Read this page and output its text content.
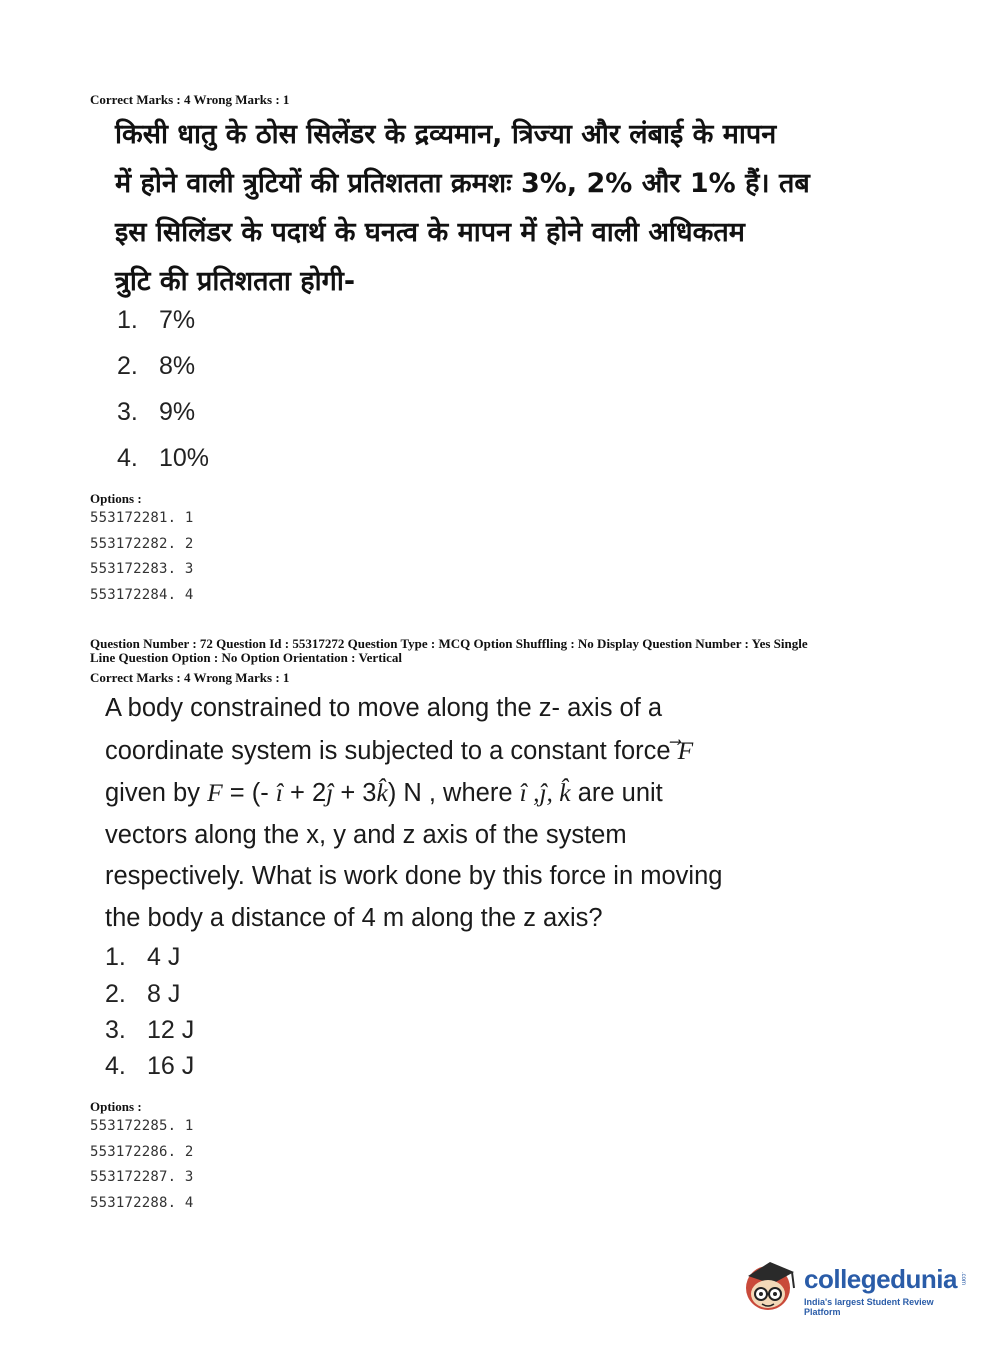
Correct Marks : 4 Wrong Marks : 1
किसी धातु के ठोस सिलेंडर के द्रव्यमान, त्रिज्या और लंबाई के मापन
में होने वाली त्रुटियों की प्रतिशतता क्रमशः 3%, 2% और 1% हैं। तब
इस सिलिंडर के पदार्थ के घनत्व के मापन में होने वाली अधिकतम
त्रुटि की प्रतिशतता होगी-
1. 7%
2. 8%
3. 9%
4. 10%
Options :
553172281. 1
553172282. 2
553172283. 3
553172284. 4
Question Number : 72 Question Id : 55317272 Question Type : MCQ Option Shuffling : No Display Question Number : Yes Single
Line Question Option : No Option Orientation : Vertical
Correct Marks : 4 Wrong Marks : 1

A body constrained to move along the z- axis of a

coordinate system is subjected to a constant force F

given by F = (- î + 2ĵ + 3k̂) N , where î ,ĵ, k̂ are unit

vectors along the x, y and z axis of the system

respectively. What is work done by this force in moving

the body a distance of 4 m along the z axis?

1. 4 J
2. 8 J
3. 12 J
4. 16 J
Options :
553172285. 1
553172286. 2
553172287. 3
553172288. 4
collegedunia .com
India's largest Student Review Platform
